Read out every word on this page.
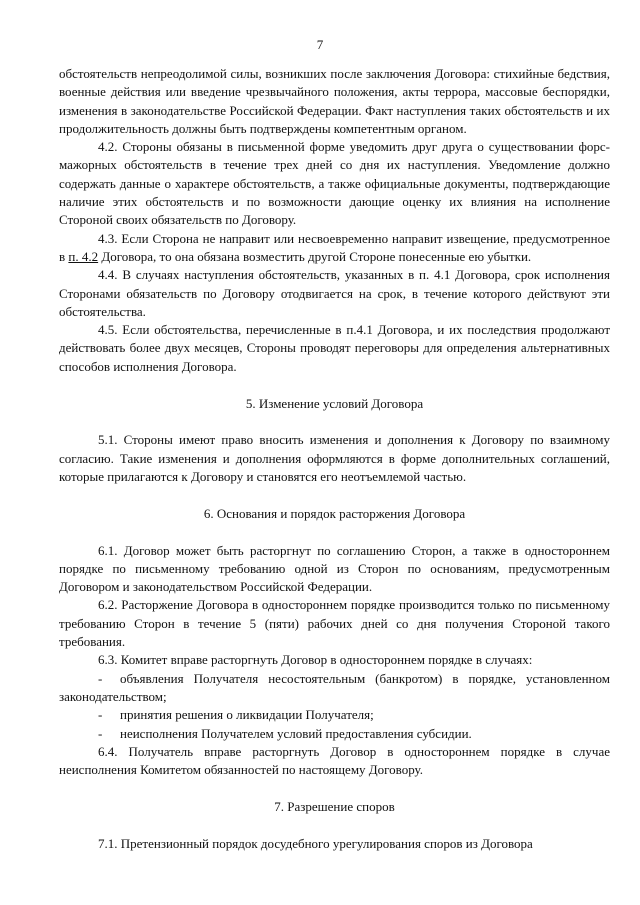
7

обстоятельств непреодолимой силы, возникших после заключения Договора: стихийные бедствия, военные действия или введение чрезвычайного положения, акты террора, массовые беспорядки, изменения в законодательстве Российской Федерации. Факт наступления таких обстоятельств и их продолжительность должны быть подтверждены компетентным органом.

4.2. Стороны обязаны в письменной форме уведомить друг друга о существовании форс-мажорных обстоятельств в течение трех дней со дня их наступления. Уведомление должно содержать данные о характере обстоятельств, а также официальные документы, подтверждающие наличие этих обстоятельств и по возможности дающие оценку их влияния на исполнение Стороной своих обязательств по Договору.

4.3. Если Сторона не направит или несвоевременно направит извещение, предусмотренное в п. 4.2 Договора, то она обязана возместить другой Стороне понесенные ею убытки.

4.4. В случаях наступления обстоятельств, указанных в п. 4.1 Договора, срок исполнения Сторонами обязательств по Договору отодвигается на срок, в течение которого действуют эти обстоятельства.

4.5. Если обстоятельства, перечисленные в п.4.1 Договора, и их последствия продолжают действовать более двух месяцев, Стороны проводят переговоры для определения альтернативных способов исполнения Договора.

5. Изменение условий Договора

5.1. Стороны имеют право вносить изменения и дополнения к Договору по взаимному согласию. Такие изменения и дополнения оформляются в форме дополнительных соглашений, которые прилагаются к Договору и становятся его неотъемлемой частью.

6. Основания и порядок расторжения Договора

6.1. Договор может быть расторгнут по соглашению Сторон, а также в одностороннем порядке по письменному требованию одной из Сторон по основаниям, предусмотренным Договором и законодательством Российской Федерации.

6.2. Расторжение Договора в одностороннем порядке производится только по письменному требованию Сторон в течение 5 (пяти) рабочих дней со дня получения Стороной такого требования.

6.3. Комитет вправе расторгнуть Договор в одностороннем порядке в случаях:

- объявления Получателя несостоятельным (банкротом) в порядке, установленном законодательством;

- принятия решения о ликвидации Получателя;

- неисполнения Получателем условий предоставления субсидии.

6.4. Получатель вправе расторгнуть Договор в одностороннем порядке в случае неисполнения Комитетом обязанностей по настоящему Договору.

7. Разрешение споров

7.1. Претензионный порядок досудебного урегулирования споров из Договора
